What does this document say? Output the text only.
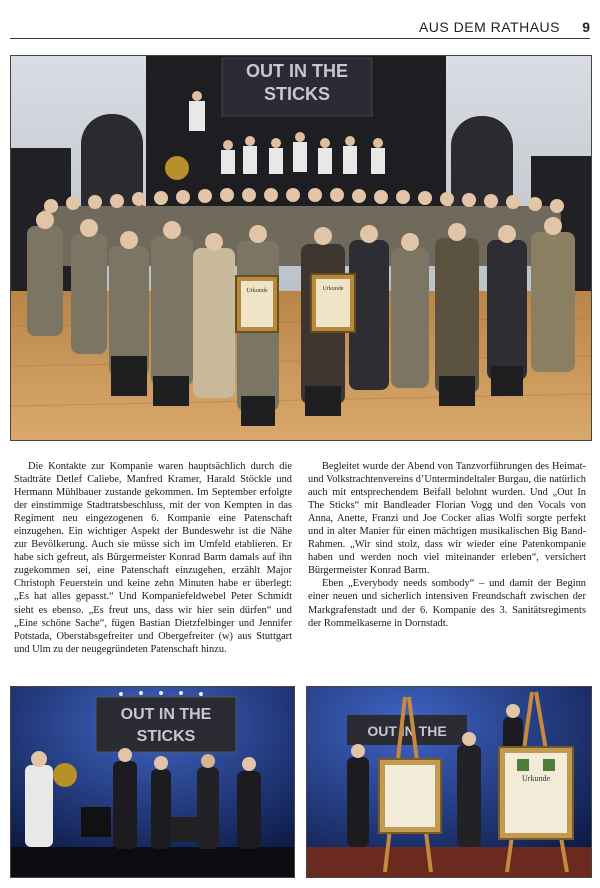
AUS DEM RATHAUS 9
OUT IN THE
STICKS
Urkunde	Urkunde

Die Kontakte zur Kompanie waren hauptsächlich durch die Stadträte Detlef Caliebe, Manfred Kramer, Harald Stöckle und Hermann Mühlbauer zustande gekommen. Im September erfolgte der einstimmige Stadtratsbeschluss, mit der von Kempten in das Regiment neu eingezogenen 6. Kompanie eine Patenschaft einzugehen. Ein wichtiger Aspekt der Bundeswehr ist die Nähe zur Bevölkerung. Auch sie müsse sich im Umfeld etablieren. Er habe sich gefreut, als Bürgermeister Konrad Barm damals auf ihn zugekommen sei, eine Patenschaft einzugehen, erzählt Major Christoph Feuerstein und keine zehn Minuten habe er überlegt: „Es hat alles gepasst.“ Und Kompaniefeldwebel Peter Schmidt sieht es ebenso. „Es freut uns, dass wir hier sein dürfen“ und „Eine schöne Sache“, fügen Bastian Dietzfelbinger und Jennifer Potstada, Oberstabsgefreiter und Obergefreiter (w) aus Stuttgart und Ulm zu der neugegründeten Patenschaft hinzu.

Begleitet wurde der Abend von Tanzvorführungen des Heimat- und Volkstrachtenvereins d’Untermindeltaler Burgau, die natürlich auch mit entsprechendem Beifall belohnt wurden. Und „Out In The Sticks“ mit Bandleader Florian Vogg und den Vocals von Anna, Anette, Franzi und Joe Cocker alias Wolfi sorgte perfekt und in alter Manier für einen mächtigen musikalischen Big Band-Rahmen. „Wir sind stolz, dass wir wieder eine Patenkompanie haben und werden noch viel miteinander erleben“, versichert Bürgermeister Konrad Barm.

Eben „Everybody needs sombody“ – und damit der Beginn einer neuen und sicherlich intensiven Freundschaft zwischen der Markgrafenstadt und der 6. Kompanie des 3. Sanitätsregiments der Rommelkaserne in Dornstadt.

OUT IN THE
STICKS	OUT IN THE
Urkunde
